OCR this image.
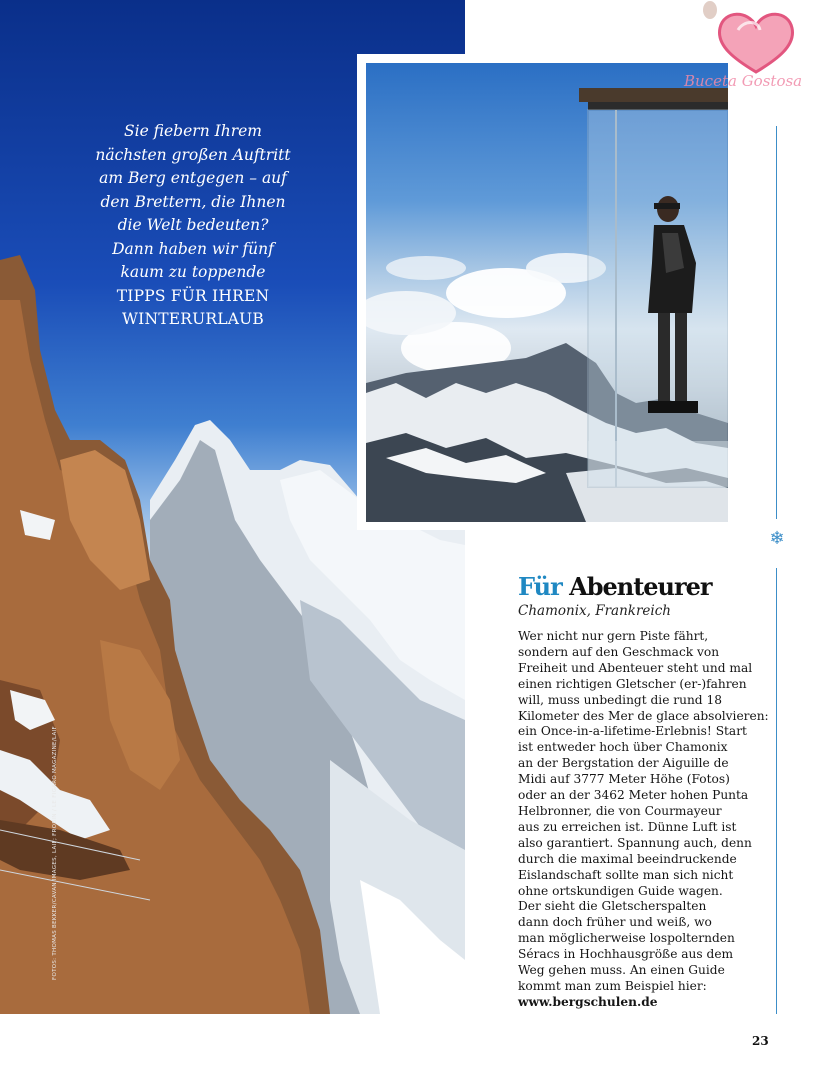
Sie fiebern Ihrem
nächsten großen Auftritt
am Berg entgegen – auf
den Brettern, die Ihnen
die Welt bedeuten?
Dann haben wir fünf
kaum zu toppende
TIPPS FÜR IHREN
WINTERURLAUB
FOTOS: THOMAS BEKKER/CAVAN IMAGES, LAIF; FROBIN / LE FIGARO MAGAZINE/LAIF
Buceta Gostosa
❄
Für Abenteurer
Chamonix, Frankreich
Wer nicht nur gern Piste fährt,
sondern auf den Geschmack von
Freiheit und Abenteuer steht und mal
einen richtigen Gletscher (er-)fahren
will, muss unbedingt die rund 18
Kilometer des Mer de glace absolvieren:
ein Once-in-a-lifetime-Erlebnis! Start
ist entweder hoch über Chamonix
an der Bergstation der Aiguille de
Midi auf 3777 Meter Höhe (Fotos)
oder an der 3462 Meter hohen Punta
Helbronner, die von Courmayeur
aus zu erreichen ist. Dünne Luft ist
also garantiert. Spannung auch, denn
durch die maximal beeindruckende
Eislandschaft sollte man sich nicht
ohne ortskundigen Guide wagen.
Der sieht die Gletscherspalten
dann doch früher und weiß, wo
man möglicherweise lospolternden
Séracs in Hochhausgröße aus dem
Weg gehen muss. An einen Guide
kommt man zum Beispiel hier:
www.bergschulen.de
23
